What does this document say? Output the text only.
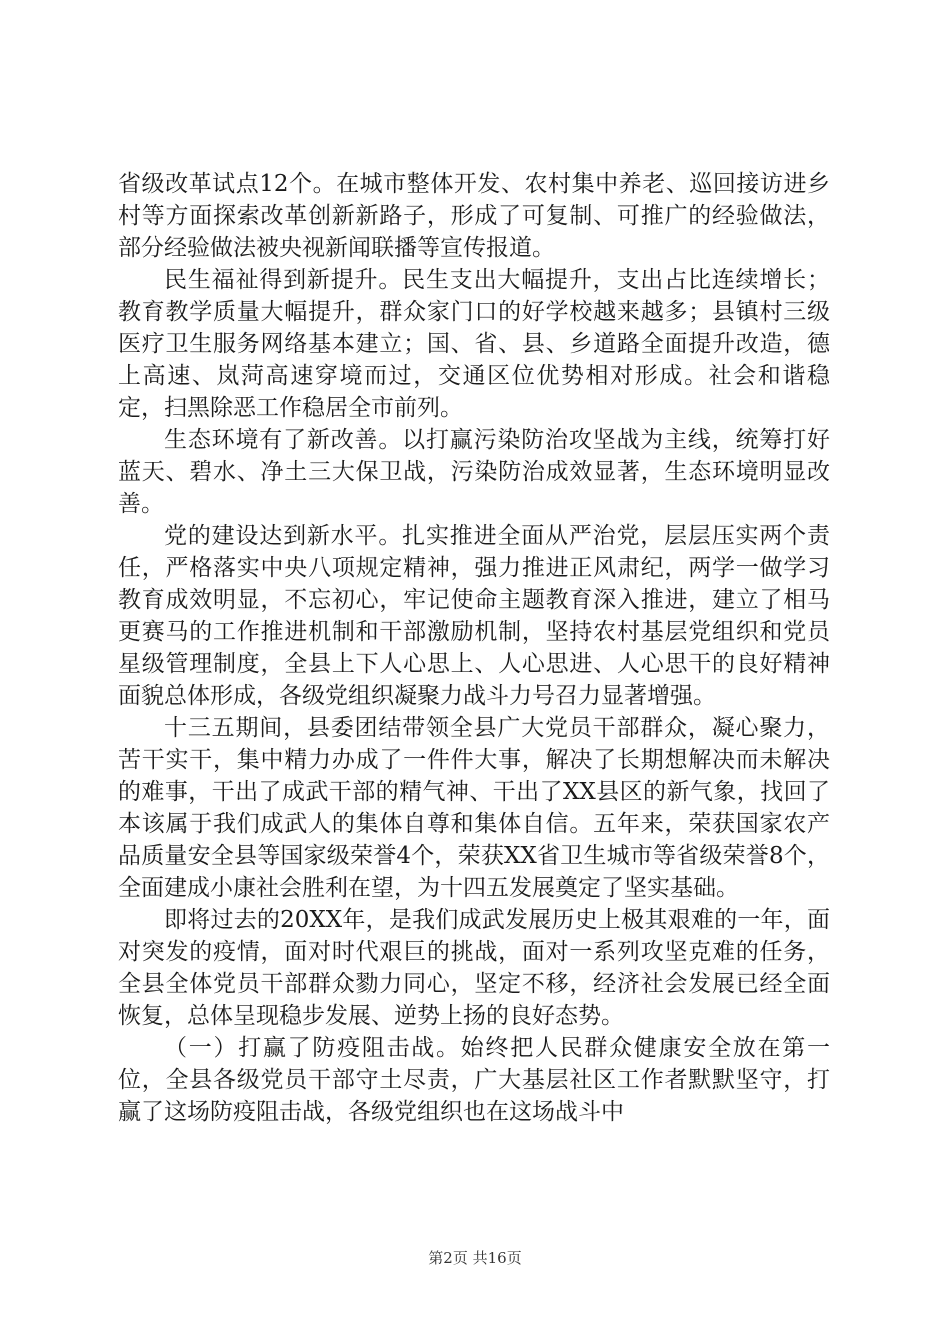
省级改革试点12个。在城市整体开发、农村集中养老、巡回接访进乡村等方面探索改革创新新路子，形成了可复制、可推广的经验做法，部分经验做法被央视新闻联播等宣传报道。

民生福祉得到新提升。民生支出大幅提升，支出占比连续增长；教育教学质量大幅提升，群众家门口的好学校越来越多；县镇村三级医疗卫生服务网络基本建立；国、省、县、乡道路全面提升改造，德上高速、岚菏高速穿境而过，交通区位优势相对形成。社会和谐稳定，扫黑除恶工作稳居全市前列。

生态环境有了新改善。以打赢污染防治攻坚战为主线，统筹打好蓝天、碧水、净土三大保卫战，污染防治成效显著，生态环境明显改善。

党的建设达到新水平。扎实推进全面从严治党，层层压实两个责任，严格落实中央八项规定精神，强力推进正风肃纪，两学一做学习教育成效明显，不忘初心，牢记使命主题教育深入推进，建立了相马更赛马的工作推进机制和干部激励机制，坚持农村基层党组织和党员星级管理制度，全县上下人心思上、人心思进、人心思干的良好精神面貌总体形成，各级党组织凝聚力战斗力号召力显著增强。

十三五期间，县委团结带领全县广大党员干部群众，凝心聚力，苦干实干，集中精力办成了一件件大事，解决了长期想解决而未解决的难事，干出了成武干部的精气神、干出了XX县区的新气象，找回了本该属于我们成武人的集体自尊和集体自信。五年来，荣获国家农产品质量安全县等国家级荣誉4个，荣获XX省卫生城市等省级荣誉8个，全面建成小康社会胜利在望，为十四五发展奠定了坚实基础。

即将过去的20XX年，是我们成武发展历史上极其艰难的一年，面对突发的疫情，面对时代艰巨的挑战，面对一系列攻坚克难的任务，全县全体党员干部群众勠力同心，坚定不移，经济社会发展已经全面恢复，总体呈现稳步发展、逆势上扬的良好态势。

（一）打赢了防疫阻击战。始终把人民群众健康安全放在第一位，全县各级党员干部守土尽责，广大基层社区工作者默默坚守，打赢了这场防疫阻击战，各级党组织也在这场战斗中

第2页 共16页
